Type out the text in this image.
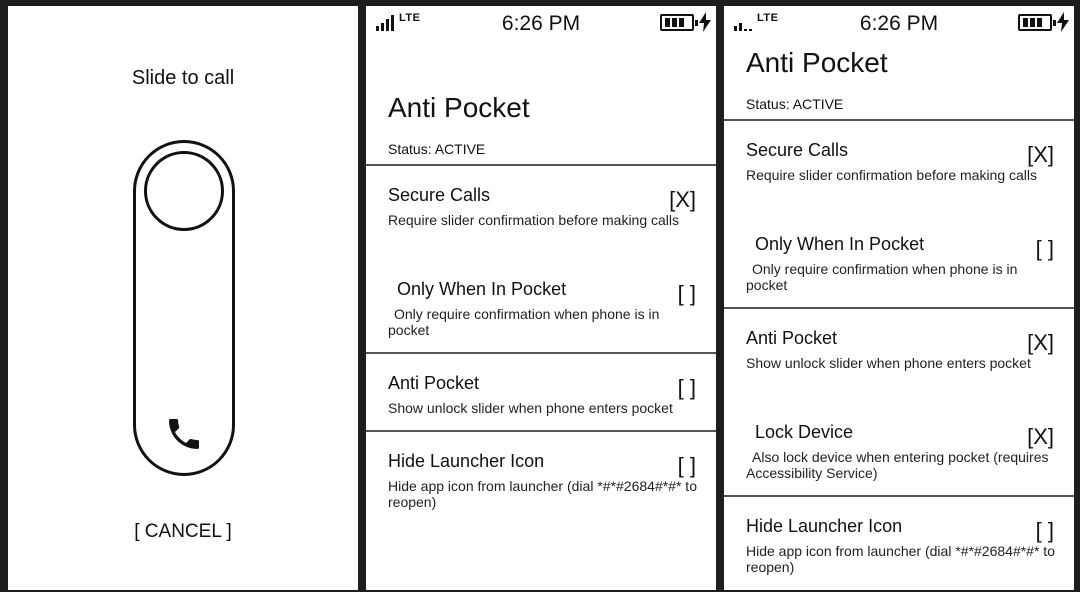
Slide to call
[ CANCEL ]
LTE	6:26 PM
Anti Pocket
Status: ACTIVE
Secure Calls
Require slider confirmation before making calls
[X]
Only When In Pocket
Only require confirmation when phone is in pocket
[ ]
Anti Pocket
Show unlock slider when phone enters pocket
[ ]
Hide Launcher Icon
Hide app icon from launcher (dial *#*#2684#*#* to reopen)
[ ]
LTE	6:26 PM
Anti Pocket
Status: ACTIVE
Secure Calls
Require slider confirmation before making calls
[X]
Only When In Pocket
Only require confirmation when phone is in pocket
[ ]
Anti Pocket
Show unlock slider when phone enters pocket
[X]
Lock Device
Also lock device when entering pocket (requires Accessibility Service)
[X]
Hide Launcher Icon
Hide app icon from launcher (dial *#*#2684#*#* to reopen)
[ ]
